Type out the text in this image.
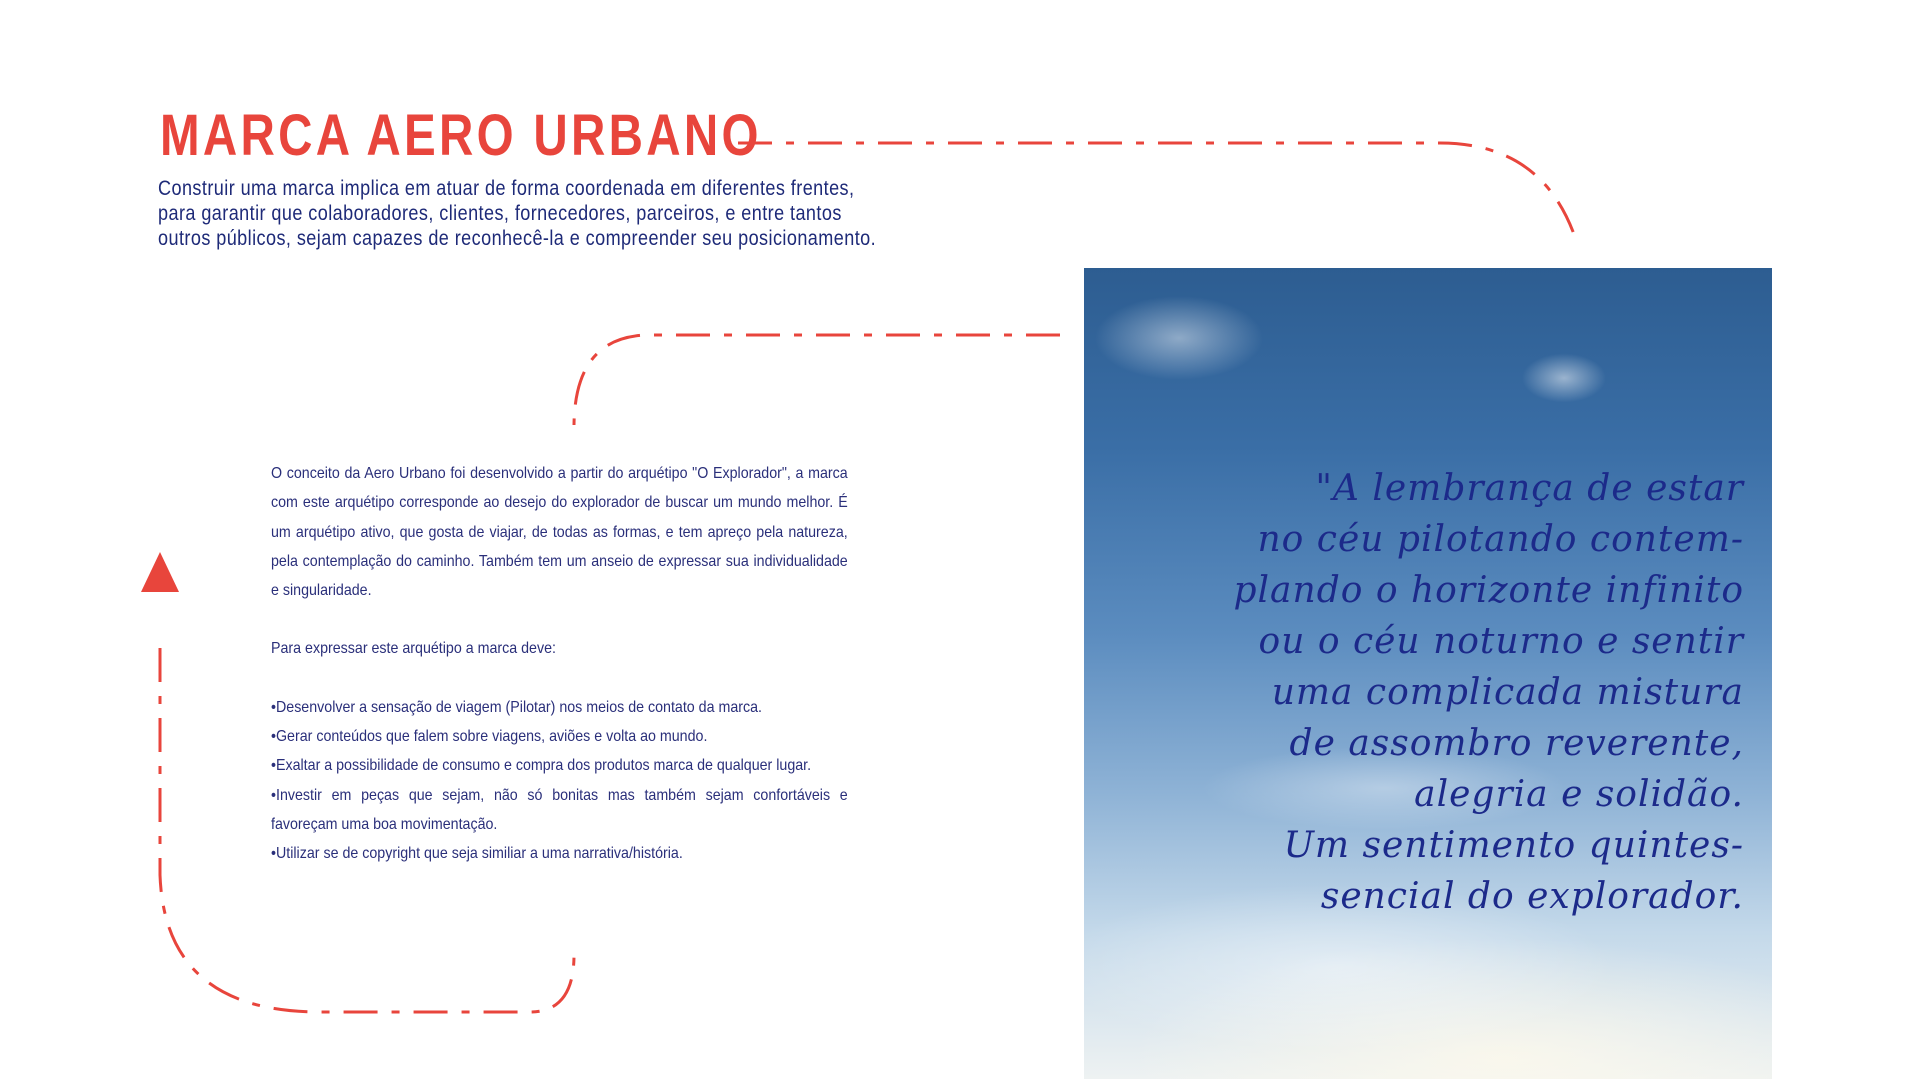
MARCA AERO URBANO
Construir uma marca implica em atuar de forma coordenada em diferentes frentes,
para garantir que colaboradores, clientes, fornecedores, parceiros, e entre tantos
outros públicos, sejam capazes de reconhecê-la e compreender seu posicionamento.

O conceito da Aero Urbano foi desenvolvido a partir do arquétipo "O Explorador", a marca com este arquétipo corresponde ao desejo do explorador de buscar um mundo melhor. É um arquétipo ativo, que gosta de viajar, de todas as formas, e tem apreço pela natureza, pela contemplação do caminho. Também tem um anseio de expressar sua individualidade e singularidade.

Para expressar este arquétipo a marca deve:

•Desenvolver a sensação de viagem (Pilotar) nos meios de contato da marca.

•Gerar conteúdos que falem sobre viagens, aviões e volta ao mundo.

•Exaltar a possibilidade de consumo e compra dos produtos marca de qualquer lugar.

•Investir em peças que sejam, não só bonitas mas também sejam confortáveis e favoreçam uma boa movimentação.

•Utilizar se de copyright que seja similiar a uma narrativa/história.

"A lembrança de estar
no céu pilotando contem-
plando o horizonte infinito
ou o céu noturno e sentir
uma complicada mistura
de assombro reverente,
alegria e solidão.
Um sentimento quintes-
sencial do explorador.
